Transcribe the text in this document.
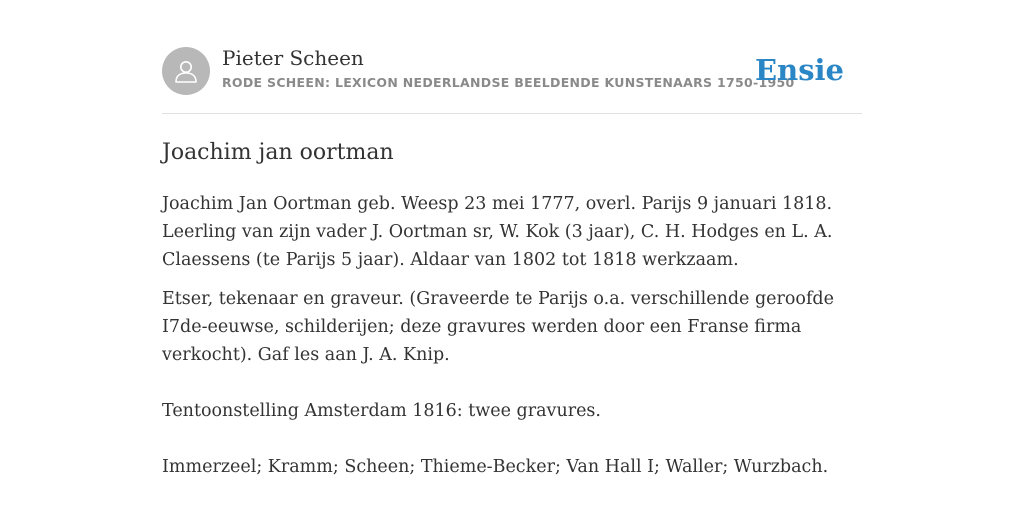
Pieter Scheen
RODE SCHEEN: LEXICON NEDERLANDSE BEELDENDE KUNSTENAARS 1750-1950
Ensie
Joachim jan oortman

Joachim Jan Oortman geb. Weesp 23 mei 1777, overl. Parijs 9 januari 1818. Leerling van zijn vader J. Oortman sr, W. Kok (3 jaar), C. H. Hodges en L. A. Claessens (te Parijs 5 jaar). Aldaar van 1802 tot 1818 werkzaam.

Etser, tekenaar en graveur. (Graveerde te Parijs o.a. verschillende geroofde I7de-eeuwse, schilderijen; deze gravures werden door een Franse firma verkocht). Gaf les aan J. A. Knip.

Tentoonstelling Amsterdam 1816: twee gravures.

Immerzeel; Kramm; Scheen; Thieme-Becker; Van Hall I; Waller; Wurzbach.
